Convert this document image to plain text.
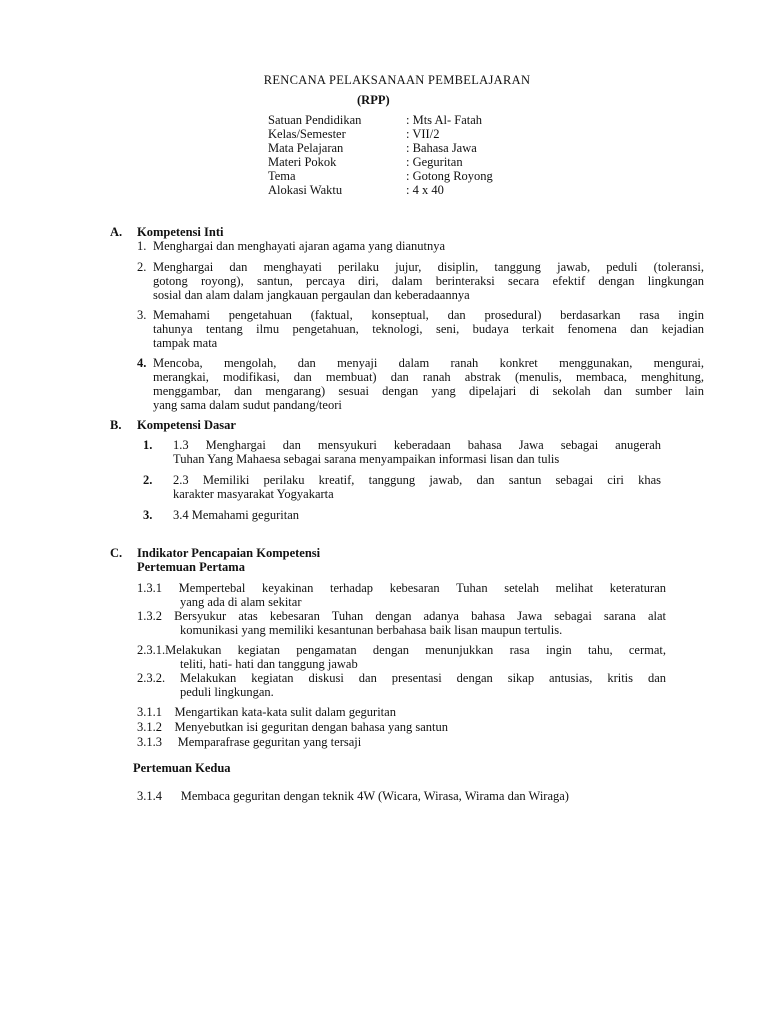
RENCANA PELAKSANAAN PEMBELAJARAN
(RPP)
Satuan Pendidikan	: Mts Al- Fatah
Kelas/Semester	: VII/2
Mata Pelajaran	: Bahasa Jawa
Materi Pokok	: Geguritan
Tema	: Gotong Royong
Alokasi Waktu	: 4 x 40
A. Kompetensi Inti
1. Menghargai dan menghayati ajaran agama yang dianutnya
2. Menghargai dan menghayati perilaku jujur, disiplin, tanggung jawab, peduli (toleransi,
gotong royong), santun, percaya diri, dalam berinteraksi secara efektif dengan lingkungan
sosial dan alam dalam jangkauan pergaulan dan keberadaannya
3. Memahami pengetahuan (faktual, konseptual, dan prosedural) berdasarkan rasa ingin
tahunya tentang ilmu pengetahuan, teknologi, seni, budaya terkait fenomena dan kejadian
tampak mata
4. Mencoba, mengolah, dan menyaji dalam ranah konkret menggunakan, mengurai,
merangkai, modifikasi, dan membuat) dan ranah abstrak (menulis, membaca, menghitung,
menggambar, dan mengarang) sesuai dengan yang dipelajari di sekolah dan sumber lain
yang sama dalam sudut pandang/teori
B. Kompetensi Dasar
1. 1.3 Menghargai dan mensyukuri keberadaan bahasa Jawa sebagai anugerah
Tuhan Yang Mahaesa sebagai sarana menyampaikan informasi lisan dan tulis
2. 2.3 Memiliki perilaku kreatif, tanggung jawab, dan santun sebagai ciri khas
karakter masyarakat Yogyakarta
3. 3.4 Memahami geguritan
C. Indikator Pencapaian Kompetensi
Pertemuan Pertama
1.3.1 Mempertebal keyakinan terhadap kebesaran Tuhan setelah melihat keteraturan
yang ada di alam sekitar
1.3.2 Bersyukur atas kebesaran Tuhan dengan adanya bahasa Jawa sebagai sarana alat
komunikasi yang memiliki kesantunan berbahasa baik lisan maupun tertulis.
2.3.1.Melakukan kegiatan pengamatan dengan menunjukkan rasa ingin tahu, cermat,
teliti, hati- hati dan tanggung jawab
2.3.2. Melakukan kegiatan diskusi dan presentasi dengan sikap antusias, kritis dan
peduli lingkungan.
3.1.1    Mengartikan kata-kata sulit dalam geguritan
3.1.2    Menyebutkan isi geguritan dengan bahasa yang santun
3.1.3     Memparafrase geguritan yang tersaji
Pertemuan Kedua
3.1.4      Membaca geguritan dengan teknik 4W (Wicara, Wirasa, Wirama dan Wiraga)
